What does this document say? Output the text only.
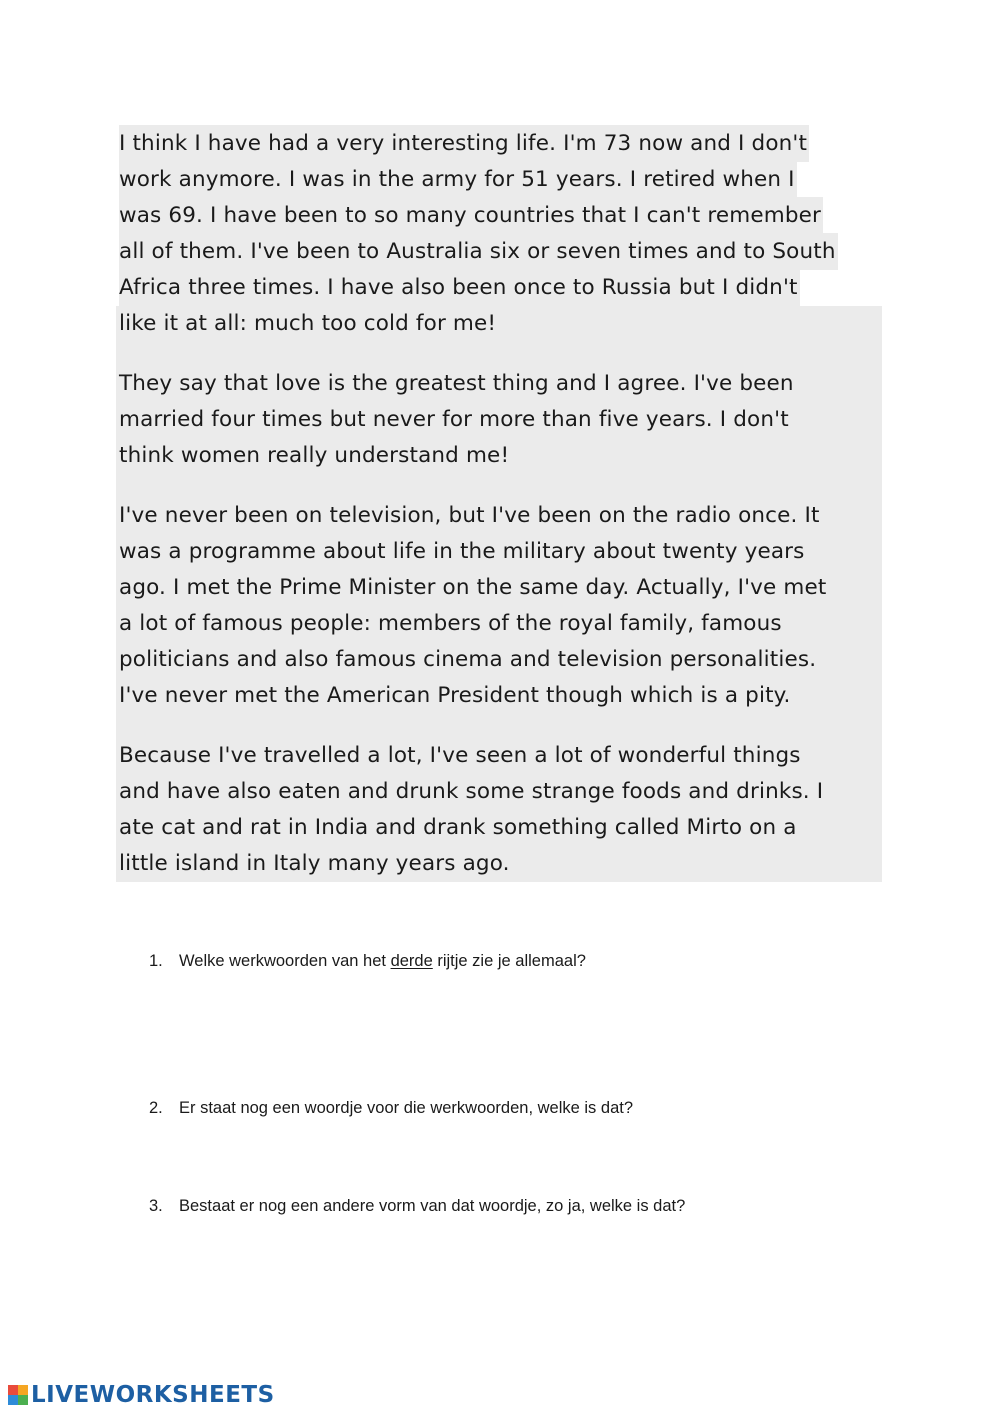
I think I have had a very interesting life. I'm 73 now and I don't
work anymore. I was in the army for 51 years. I retired when I
was 69. I have been to so many countries that I can't remember
all of them. I've been to Australia six or seven times and to South
Africa three times. I have also been once to Russia but I didn't
like it at all: much too cold for me!
They say that love is the greatest thing and I agree. I've been
married four times but never for more than five years. I don't
think women really understand me!
I've never been on television, but I've been on the radio once. It
was a programme about life in the military about twenty years
ago. I met the Prime Minister on the same day. Actually, I've met
a lot of famous people: members of the royal family, famous
politicians and also famous cinema and television personalities.
I've never met the American President though which is a pity.
Because I've travelled a lot, I've seen a lot of wonderful things
and have also eaten and drunk some strange foods and drinks. I
ate cat and rat in India and drank something called Mirto on a
little island in Italy many years ago.
1. Welke werkwoorden van het derde rijtje zie je allemaal?
2. Er staat nog een woordje voor die werkwoorden, welke is dat?
3. Bestaat er nog een andere vorm van dat woordje, zo ja, welke is dat?
LIVEWORKSHEETS
